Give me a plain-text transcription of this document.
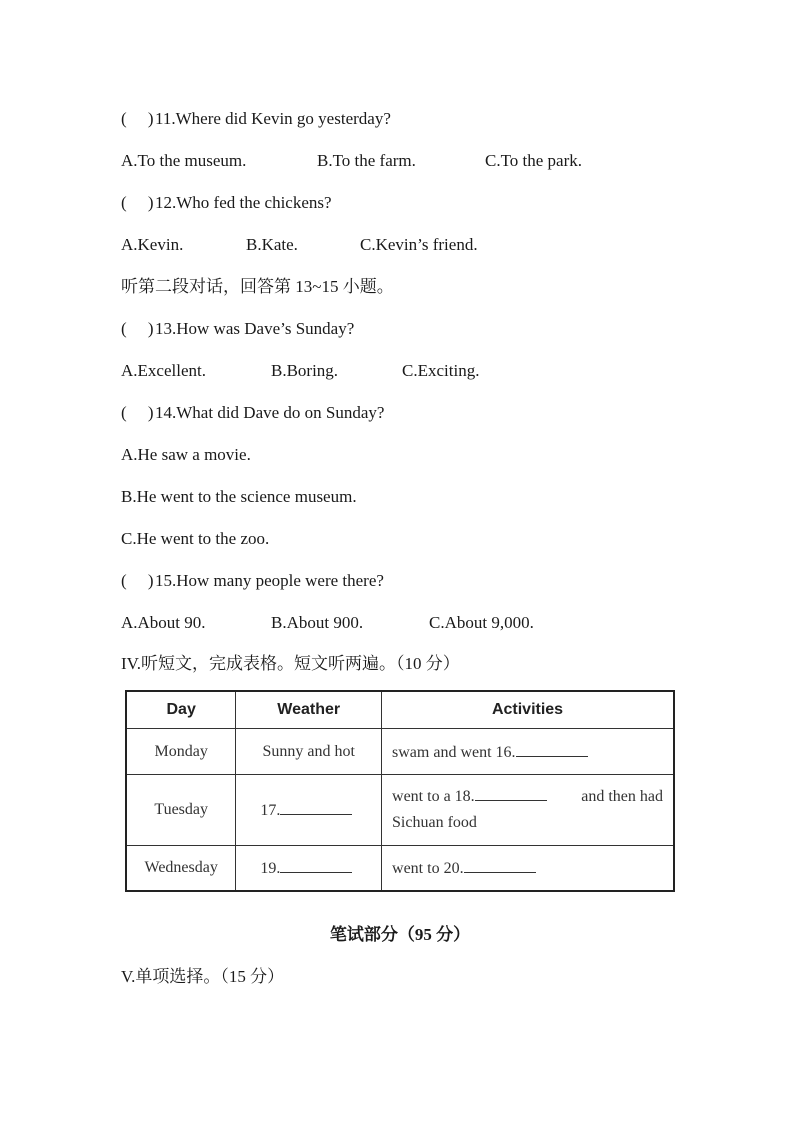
( )11.Where did Kevin go yesterday?
A.To the museum.	B.To the farm.	C.To the park.
( )12.Who fed the chickens?
A.Kevin.	B.Kate.	C.Kevin’s friend.
听第二段对话，回答第 13~15 小题。
( )13.How was Dave’s Sunday?
A.Excellent.	B.Boring.	C.Exciting.
( )14.What did Dave do on Sunday?
A.He saw a movie.
B.He went to the science museum.
C.He went to the zoo.
( )15.How many people were there?
A.About 90.	B.About 900.	C.About 9,000.
IV.听短文，完成表格。短文听两遍。（10 分）
Day	Weather	Activities
Monday	Sunny and hot	swam and went 16.
Tuesday	17.	went to a 18. and then had
Sichuan food

Wednesday	19.	went to 20.
笔试部分（95 分）
V.单项选择。（15 分）
